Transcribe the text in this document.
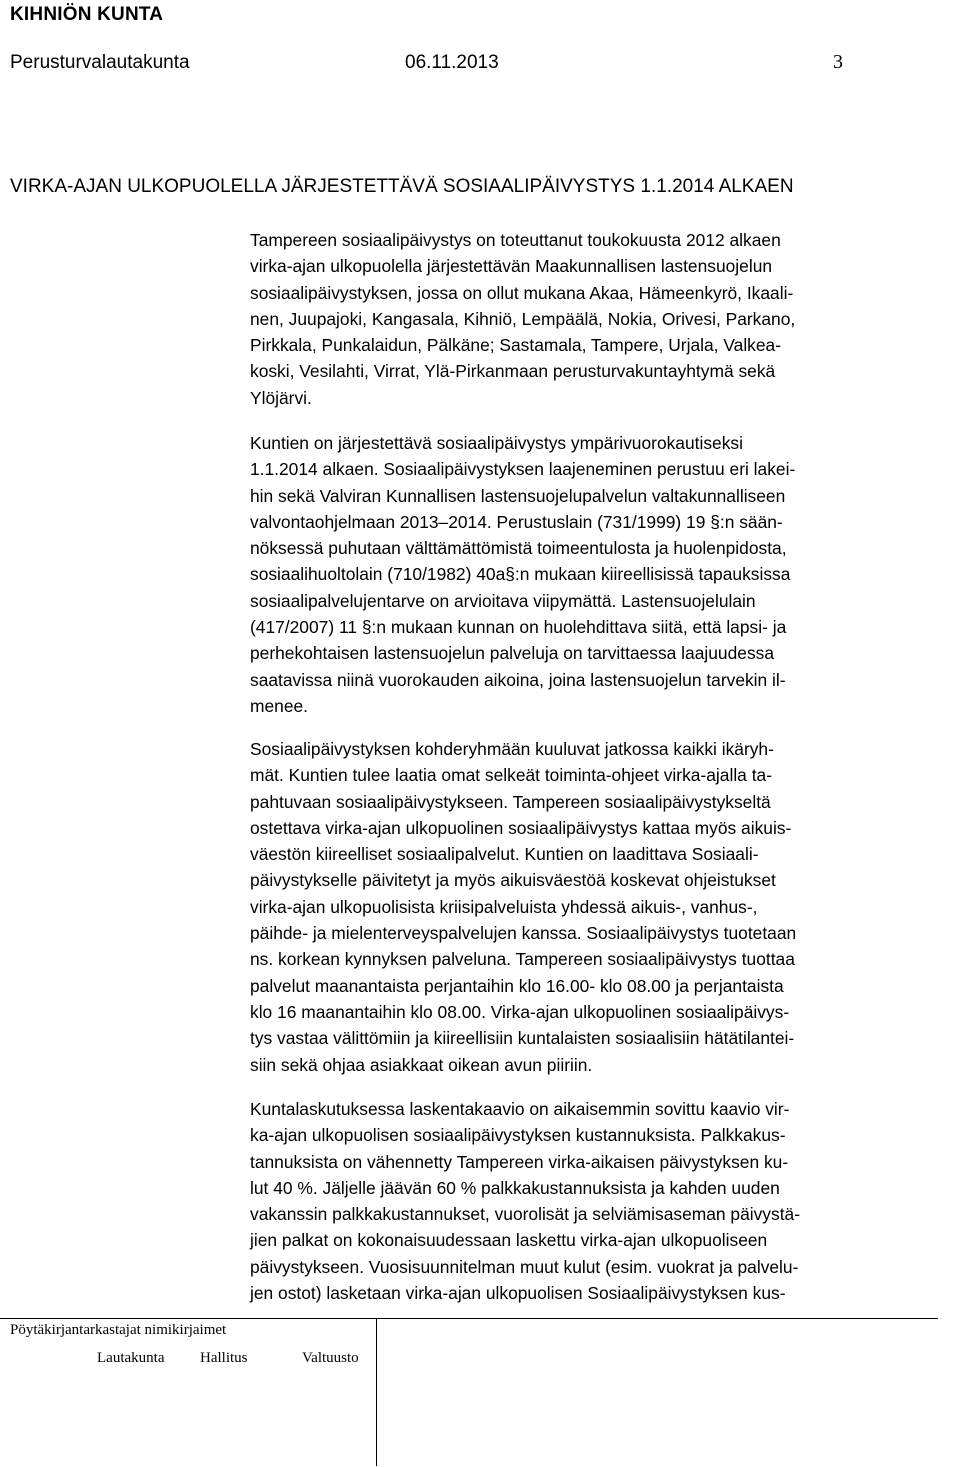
KIHNIÖN KUNTA
Perusturvalautakunta	06.11.2013	3
VIRKA-AJAN ULKOPUOLELLA JÄRJESTETTÄVÄ SOSIAALIPÄIVYSTYS 1.1.2014 ALKAEN
Tampereen sosiaalipäivystys on toteuttanut toukokuusta 2012 alkaen
virka-ajan ulkopuolella järjestettävän Maakunnallisen lastensuojelun
sosiaalipäivystyksen, jossa on ollut mukana Akaa, Hämeenkyrö, Ikaali-
nen, Juupajoki, Kangasala, Kihniö, Lempäälä, Nokia, Orivesi, Parkano,
Pirkkala, Punkalaidun, Pälkäne; Sastamala, Tampere, Urjala, Valkea-
koski, Vesilahti, Virrat, Ylä-Pirkanmaan perusturvakuntayhtymä sekä
Ylöjärvi.
Kuntien on järjestettävä sosiaalipäivystys ympärivuorokautiseksi
1.1.2014 alkaen. Sosiaalipäivystyksen laajeneminen perustuu eri lakei-
hin sekä Valviran Kunnallisen lastensuojelupalvelun valtakunnalliseen
valvontaohjelmaan 2013–2014. Perustuslain (731/1999) 19 §:n sään-
nöksessä puhutaan välttämättömistä toimeentulosta ja huolenpidosta,
sosiaalihuoltolain (710/1982) 40a§:n mukaan kiireellisissä tapauksissa
sosiaalipalvelujentarve on arvioitava viipymättä. Lastensuojelulain
(417/2007) 11 §:n mukaan kunnan on huolehdittava siitä, että lapsi- ja
perhekohtaisen lastensuojelun palveluja on tarvittaessa laajuudessa
saatavissa niinä vuorokauden aikoina, joina lastensuojelun tarvekin il-
menee.
Sosiaalipäivystyksen kohderyhmään kuuluvat jatkossa kaikki ikäryh-
mät. Kuntien tulee laatia omat selkeät toiminta-ohjeet virka-ajalla ta-
pahtuvaan sosiaalipäivystykseen. Tampereen sosiaalipäivystykseltä
ostettava virka-ajan ulkopuolinen sosiaalipäivystys kattaa myös aikuis-
väestön kiireelliset sosiaalipalvelut. Kuntien on laadittava Sosiaali-
päivystykselle päivitetyt ja myös aikuisväestöä koskevat ohjeistukset
virka-ajan ulkopuolisista kriisipalveluista yhdessä aikuis-, vanhus-,
päihde- ja mielenterveyspalvelujen kanssa. Sosiaalipäivystys tuotetaan
ns. korkean kynnyksen palveluna. Tampereen sosiaalipäivystys tuottaa
palvelut maanantaista perjantaihin klo 16.00- klo 08.00 ja perjantaista
klo 16 maanantaihin klo 08.00. Virka-ajan ulkopuolinen sosiaalipäivys-
tys vastaa välittömiin ja kiireellisiin kuntalaisten sosiaalisiin hätätilantei-
siin sekä ohjaa asiakkaat oikean avun piiriin.
Kuntalaskutuksessa laskentakaavio on aikaisemmin sovittu kaavio vir-
ka-ajan ulkopuolisen sosiaalipäivystyksen kustannuksista. Palkkakus-
tannuksista on vähennetty Tampereen virka-aikaisen päivystyksen ku-
lut 40 %. Jäljelle jäävän 60 % palkkakustannuksista ja kahden uuden
vakanssin palkkakustannukset, vuorolisät ja selviämisaseman päivystä-
jien palkat on kokonaisuudessaan laskettu virka-ajan ulkopuoliseen
päivystykseen. Vuosisuunnitelman muut kulut (esim. vuokrat ja palvelu-
jen ostot) lasketaan virka-ajan ulkopuolisen Sosiaalipäivystyksen kus-
Pöytäkirjantarkastajat nimikirjaimet
Lautakunta Hallitus	Valtuusto
